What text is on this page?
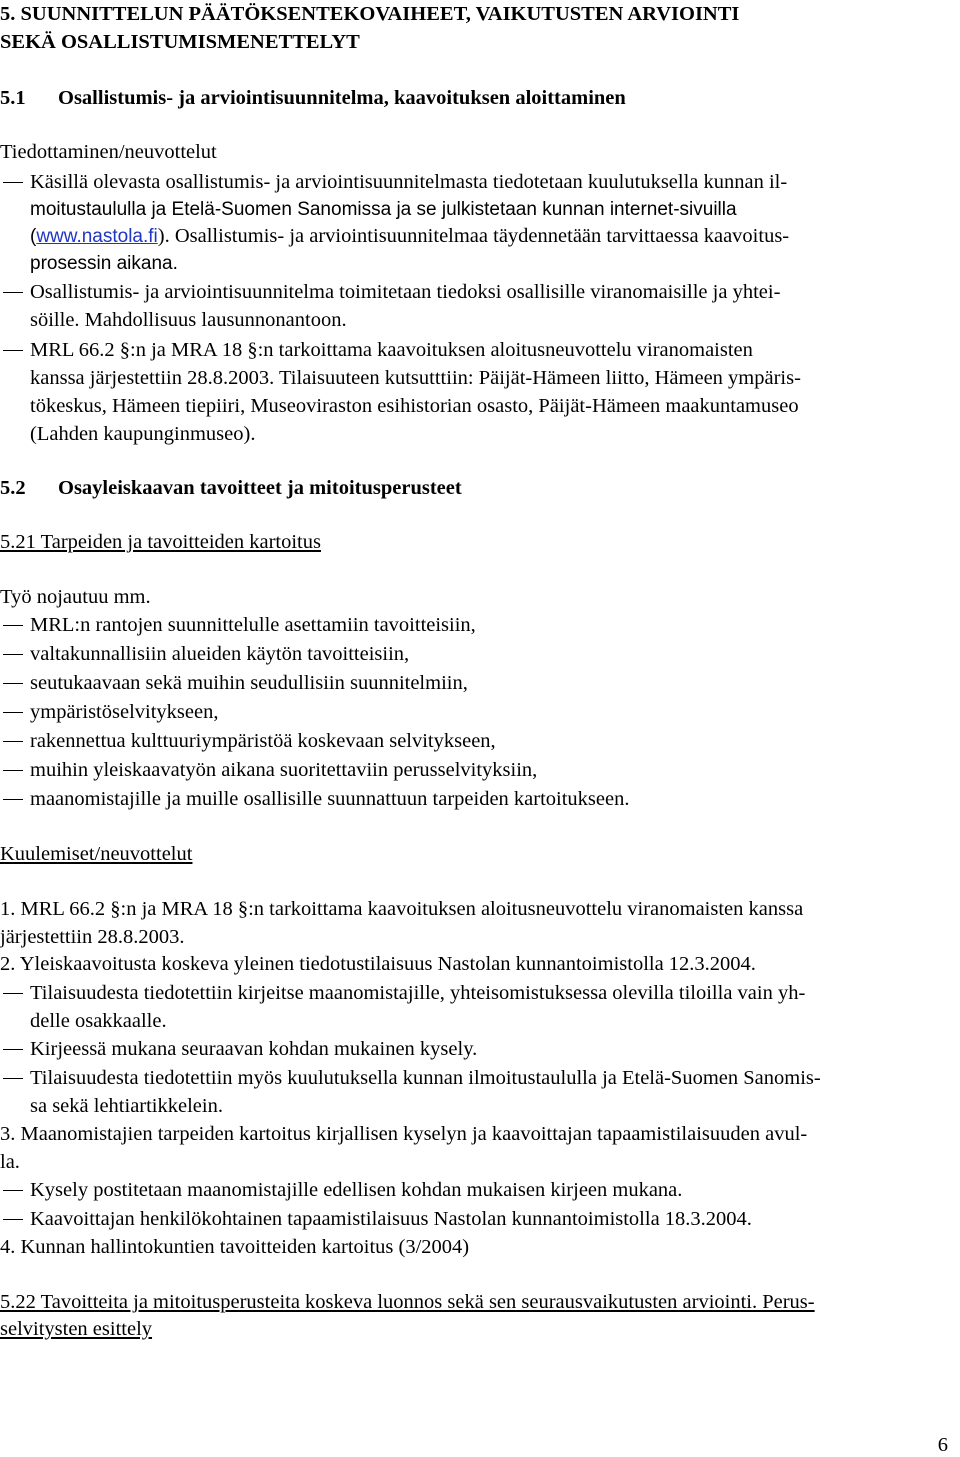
5. SUUNNITTELUN PÄÄTÖKSENTEKOVAIHEET, VAIKUTUSTEN ARVIOINTI
SEKÄ OSALLISTUMISMENETTELYT
5.1 Osallistumis- ja arviointisuunnitelma, kaavoituksen aloittaminen
Tiedottaminen/neuvottelut
Käsillä olevasta osallistumis- ja arviointisuunnitelmasta tiedotetaan kuulutuksella kunnan il-
moitustaululla ja Etelä-Suomen Sanomissa ja se julkistetaan kunnan internet-sivuilla
(www.nastola.fi). Osallistumis- ja arviointisuunnitelmaa täydennetään tarvittaessa kaavoitus-
prosessin aikana.
Osallistumis- ja arviointisuunnitelma toimitetaan tiedoksi osallisille viranomaisille ja yhtei-
söille. Mahdollisuus lausunnonantoon.
MRL 66.2 §:n ja MRA 18 §:n tarkoittama kaavoituksen aloitusneuvottelu viranomaisten
kanssa järjestettiin 28.8.2003. Tilaisuuteen kutsutttiin: Päijät-Hämeen liitto, Hämeen ympäris-
tökeskus, Hämeen tiepiiri, Museoviraston esihistorian osasto, Päijät-Hämeen maakuntamuseo
(Lahden kaupunginmuseo).
5.2 Osayleiskaavan tavoitteet ja mitoitusperusteet
5.21 Tarpeiden ja tavoitteiden kartoitus
Työ nojautuu mm.
MRL:n rantojen suunnittelulle asettamiin tavoitteisiin,
valtakunnallisiin alueiden käytön tavoitteisiin,
seutukaavaan sekä muihin seudullisiin suunnitelmiin,
ympäristöselvitykseen,
rakennettua kulttuuriympäristöä koskevaan selvitykseen,
muihin yleiskaavatyön aikana suoritettaviin perusselvityksiin,
maanomistajille ja muille osallisille suunnattuun tarpeiden kartoitukseen.
Kuulemiset/neuvottelut
1. MRL 66.2 §:n ja MRA 18 §:n tarkoittama kaavoituksen aloitusneuvottelu viranomaisten kanssa
järjestettiin 28.8.2003.
2. Yleiskaavoitusta koskeva yleinen tiedotustilaisuus Nastolan kunnantoimistolla 12.3.2004.
Tilaisuudesta tiedotettiin kirjeitse maanomistajille, yhteisomistuksessa olevilla tiloilla vain yh-
delle osakkaalle.
Kirjeessä mukana seuraavan kohdan mukainen kysely.
Tilaisuudesta tiedotettiin myös kuulutuksella kunnan ilmoitustaululla ja Etelä-Suomen Sanomis-
sa sekä lehtiartikkelein.
3. Maanomistajien tarpeiden kartoitus kirjallisen kyselyn ja kaavoittajan tapaamistilaisuuden avul-
la.
Kysely postitetaan maanomistajille edellisen kohdan mukaisen kirjeen mukana.
Kaavoittajan henkilökohtainen tapaamistilaisuus Nastolan kunnantoimistolla 18.3.2004.
4. Kunnan hallintokuntien tavoitteiden kartoitus (3/2004)
5.22 Tavoitteita ja mitoitusperusteita koskeva luonnos sekä sen seurausvaikutusten arviointi. Perus-
selvitysten esittely
6
